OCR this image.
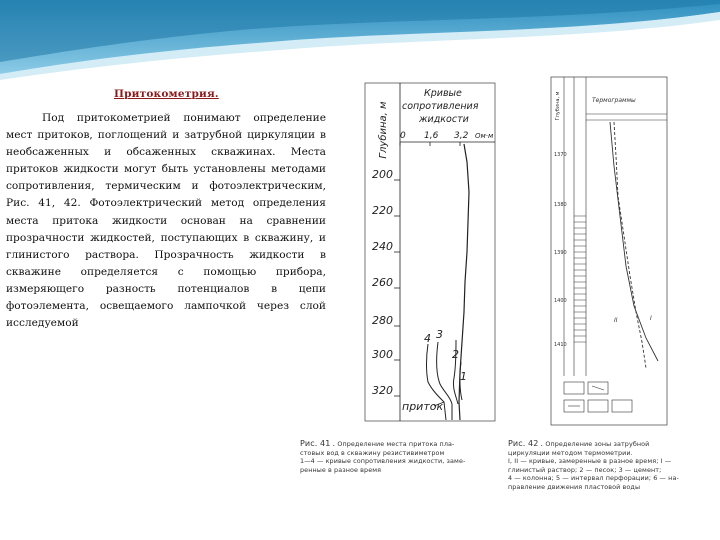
Притокометрия.

Под притокометрией понимают определение мест притоков, поглощений и затрубной циркуляции в необсаженных и обсаженных скважинах. Места притоков жидкости могут быть установлены методами сопротивления, термическим и фотоэлектрическим, Рис. 41, 42. Фотоэлектрический метод определения места притока жидкости основан на сравнении прозрачности жидкостей, поступающих в скважину, и глинистого раствора. Прозрачность жидкости в скважине определяется с помощью прибора, измеряющего разность потенциалов в цепи фотоэлемента, освещаемого лампочкой через слой исследуемой

Глубина, м
Кривые
сопротивления
жидкости
0 1,6 3,2 Ом·м
200
220
240
260
280
300
320
4 3
2
1
приток
Глубина, м	Термограммы
1370
1380
1390
1400
1410
II	I
Рис. 41 . Определение места притока пла-
стовых вод в скважину резистивиметром
1—4 — кривые сопротивления жидкости, заме-
ренные в разное время
Рис. 42 . Определение зоны затрубной
циркуляции методом термометрии.
I, II — кривые, замеренные в разное время; I —
глинистый раствор; 2 — песок; 3 — цемент;
4 — колонна; 5 — интервал перфорации; 6 — на-
правление движения пластовой воды
